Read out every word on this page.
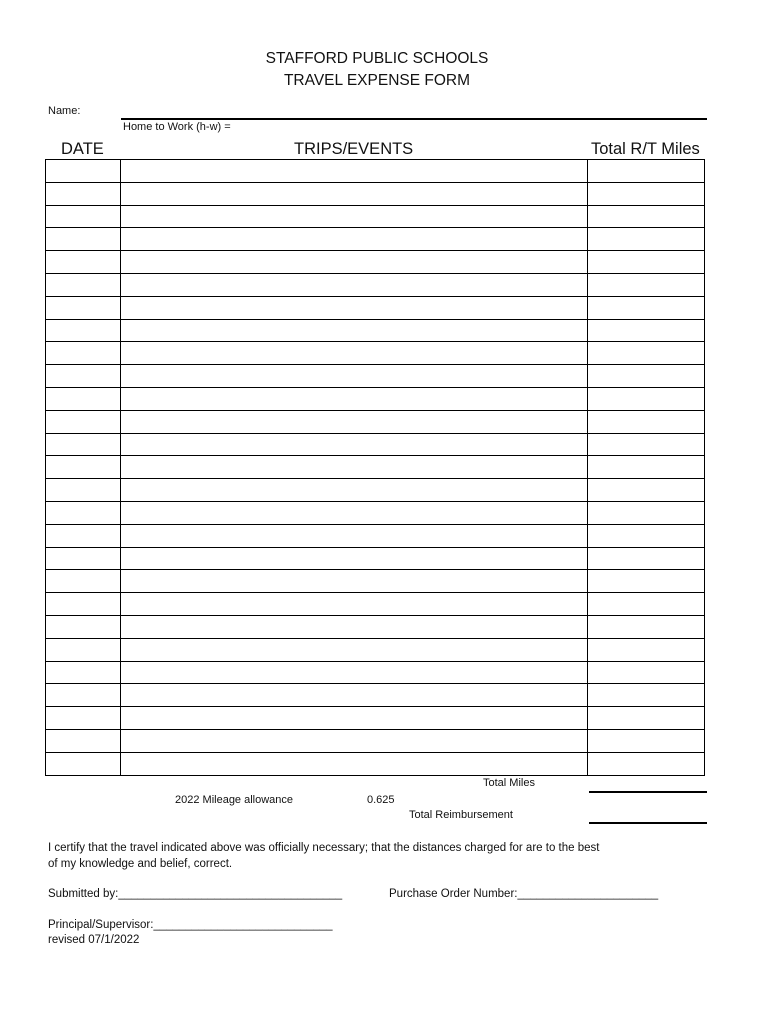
STAFFORD PUBLIC SCHOOLS
TRAVEL EXPENSE FORM
Name:
Home to Work (h-w) =
DATE	TRIPS/EVENTS	Total R/T Miles

Total Miles
2022 Mileage allowance	0.625
Total Reimbursement
I certify that the travel indicated above was officially necessary; that the distances charged for are to the best of my knowledge and belief, correct.
Submitted by:___________________________________	Purchase Order Number:______________________
Principal/Supervisor:____________________________
revised 07/1/2022
